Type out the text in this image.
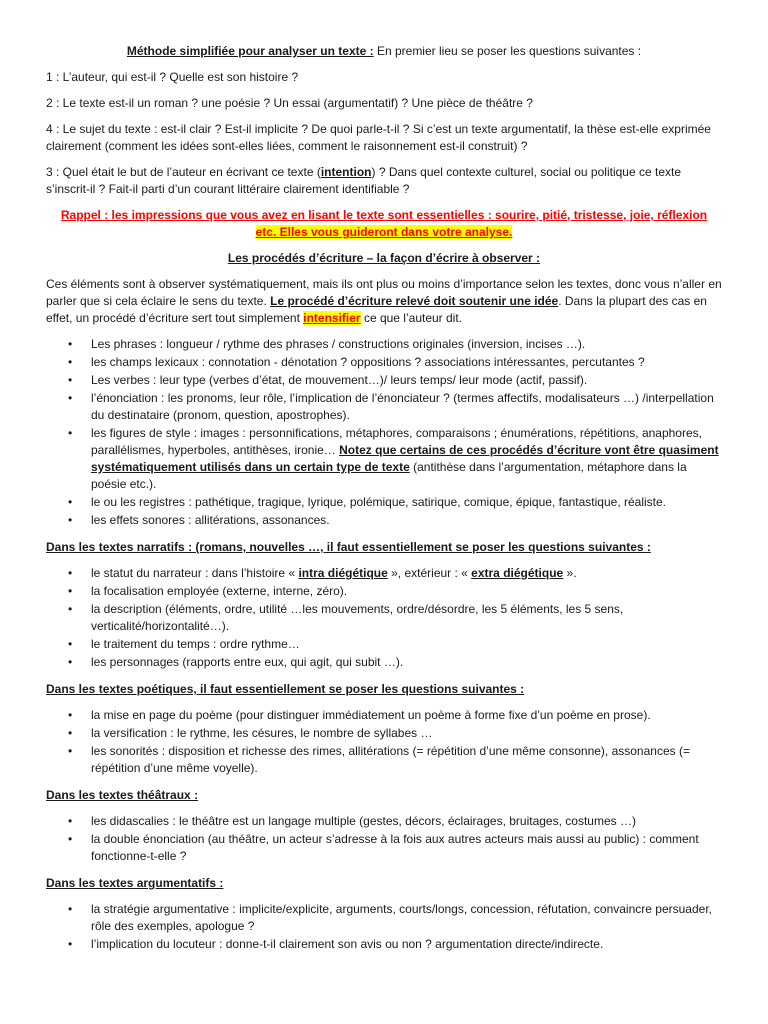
Méthode simplifiée pour analyser un texte : En premier lieu se poser les questions suivantes :

1 : L’auteur, qui est-il ? Quelle est son histoire ?

2 : Le texte est-il un roman ? une poésie ? Un essai (argumentatif) ? Une pièce de théâtre ?

4 : Le sujet du texte : est-il clair ? Est-il implicite ? De quoi parle-t-il ? Si c’est un texte argumentatif, la thèse est-elle exprimée clairement (comment les idées sont-elles liées, comment le raisonnement est-il construit) ?

3 : Quel était le but de l’auteur en écrivant ce texte (intention) ? Dans quel contexte culturel, social ou politique ce texte s’inscrit-il ? Fait-il parti d’un courant littéraire clairement identifiable ?

Rappel : les impressions que vous avez en lisant le texte sont essentielles : sourire, pitié, tristesse, joie, réflexion
etc. Elles vous guideront dans votre analyse.

Les procédés d’écriture – la façon d’écrire à observer :

Ces éléments sont à observer systématiquement, mais ils ont plus ou moins d’importance selon les textes, donc vous n’aller en parler que si cela éclaire le sens du texte. Le procédé d’écriture relevé doit soutenir une idée. Dans la plupart des cas en effet, un procédé d’écriture sert tout simplement intensifier ce que l’auteur dit.

• Les phrases : longueur / rythme des phrases / constructions originales (inversion, incises …).
• les champs lexicaux : connotation - dénotation ? oppositions ? associations intéressantes, percutantes ?
• Les verbes : leur type (verbes d’état, de mouvement…)/ leurs temps/ leur mode (actif, passif).
• l’énonciation : les pronoms, leur rôle, l’implication de l’énonciateur ? (termes affectifs, modalisateurs …) /interpellation du destinataire (pronom, question, apostrophes).
• les figures de style : images : personnifications, métaphores, comparaisons ; énumérations, répétitions, anaphores, parallélismes, hyperboles, antithèses, ironie… Notez que certains de ces procédés d’écriture vont être quasiment systématiquement utilisés dans un certain type de texte (antithèse dans l’argumentation, métaphore dans la poésie etc.).
• le ou les registres : pathétique, tragique, lyrique, polémique, satirique, comique, épique, fantastique, réaliste.
• les effets sonores : allitérations, assonances.

Dans les textes narratifs : (romans, nouvelles …, il faut essentiellement se poser les questions suivantes :

• le statut du narrateur : dans l’histoire « intra diégétique », extérieur : « extra diégétique ».
• la focalisation employée (externe, interne, zéro).
• la description (éléments, ordre, utilité …les mouvements, ordre/désordre, les 5 éléments, les 5 sens, verticalité/horizontalité…).
• le traitement du temps : ordre rythme…
• les personnages (rapports entre eux, qui agit, qui subit …).

Dans les textes poétiques, il faut essentiellement se poser les questions suivantes :

• la mise en page du poème (pour distinguer immédiatement un poème à forme fixe d’un poème en prose).
• la versification : le rythme, les césures, le nombre de syllabes …
• les sonorités : disposition et richesse des rimes, allitérations (= répétition d’une même consonne), assonances (= répétition d’une même voyelle).

Dans les textes théâtraux :

• les didascalies : le théâtre est un langage multiple (gestes, décors, éclairages, bruitages, costumes …)
• la double énonciation (au théâtre, un acteur s’adresse à la fois aux autres acteurs mais aussi au public) : comment fonctionne-t-elle ?

Dans les textes argumentatifs :

• la stratégie argumentative : implicite/explicite, arguments, courts/longs, concession, réfutation, convaincre persuader, rôle des exemples, apologue ?
• l’implication du locuteur : donne-t-il clairement son avis ou non ? argumentation directe/indirecte.
